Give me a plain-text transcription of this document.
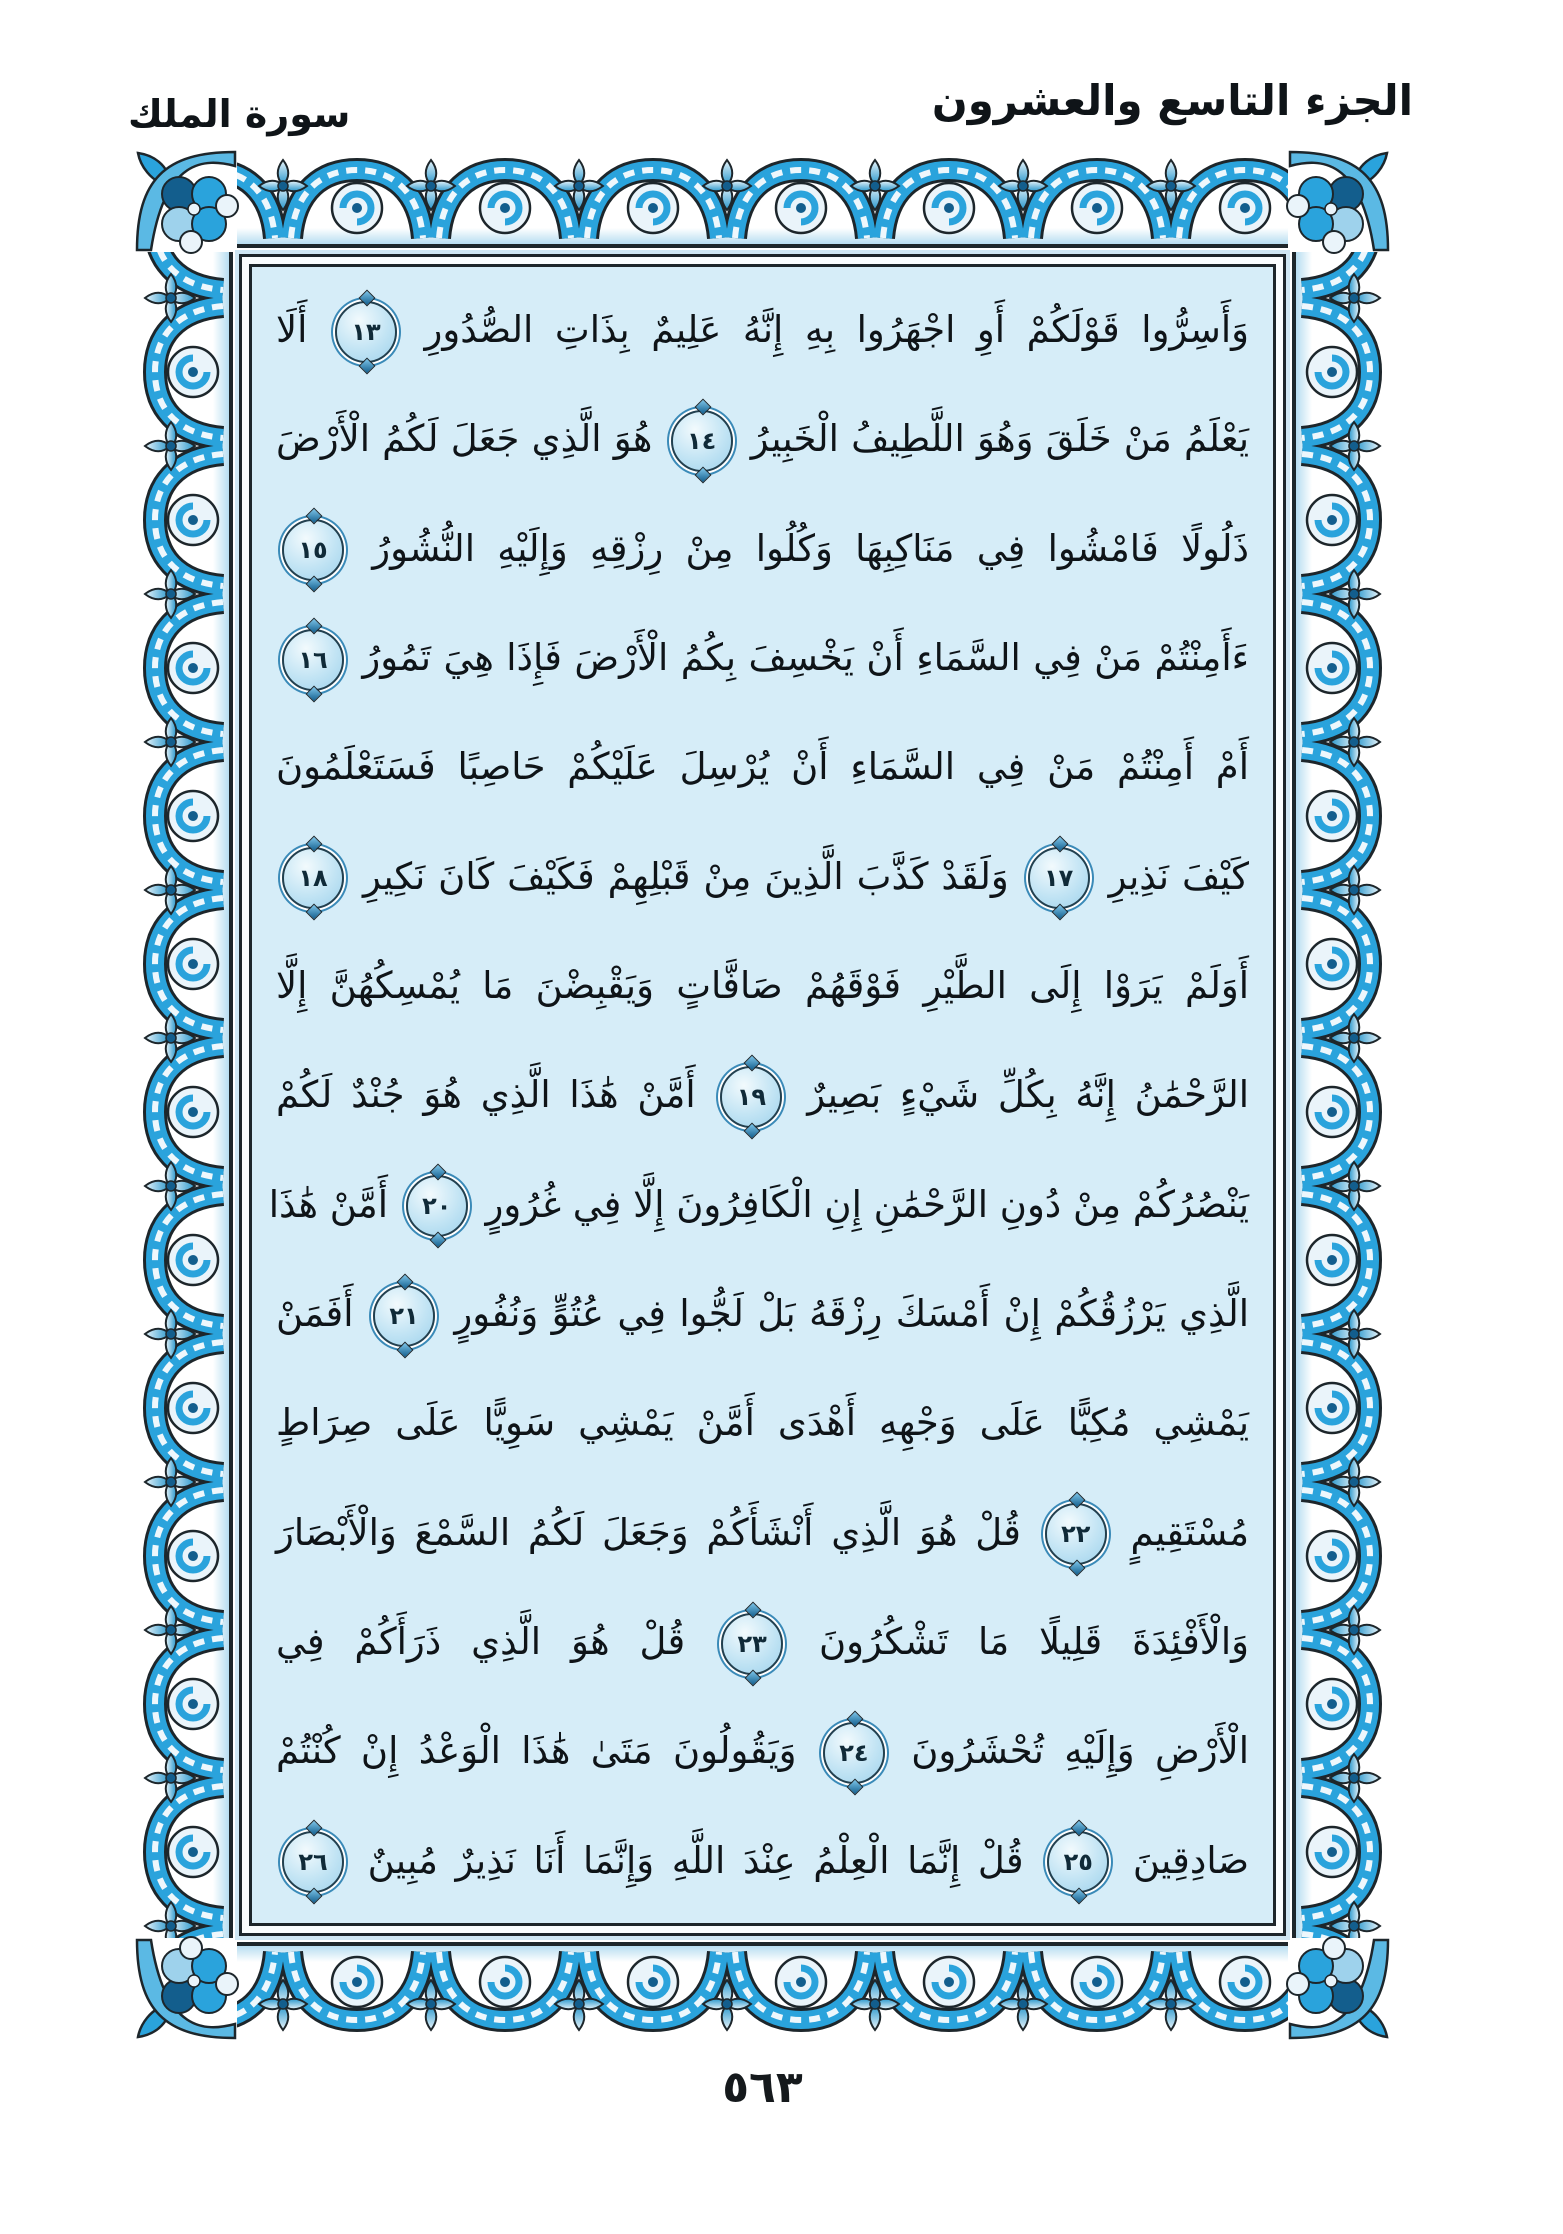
الجزء التاسع والعشرون
سورة الملك
وَأَسِرُّوا قَوْلَكُمْ أَوِ اجْهَرُوا بِهِ إِنَّهُ عَلِيمٌ بِذَاتِ الصُّدُورِ
١٣
أَلَا
يَعْلَمُ مَنْ خَلَقَ وَهُوَ اللَّطِيفُ الْخَبِيرُ
١٤
هُوَ الَّذِي جَعَلَ لَكُمُ الْأَرْضَ
ذَلُولًا فَامْشُوا فِي مَنَاكِبِهَا وَكُلُوا مِنْ رِزْقِهِ وَإِلَيْهِ النُّشُورُ
١٥
ءَأَمِنْتُمْ مَنْ فِي السَّمَاءِ أَنْ يَخْسِفَ بِكُمُ الْأَرْضَ فَإِذَا هِيَ تَمُورُ
١٦
أَمْ أَمِنْتُمْ مَنْ فِي السَّمَاءِ أَنْ يُرْسِلَ عَلَيْكُمْ حَاصِبًا فَسَتَعْلَمُونَ
كَيْفَ نَذِيرِ
١٧
وَلَقَدْ كَذَّبَ الَّذِينَ مِنْ قَبْلِهِمْ فَكَيْفَ كَانَ نَكِيرِ
١٨
أَوَلَمْ يَرَوْا إِلَى الطَّيْرِ فَوْقَهُمْ صَافَّاتٍ وَيَقْبِضْنَ مَا يُمْسِكُهُنَّ إِلَّا
الرَّحْمَٰنُ إِنَّهُ بِكُلِّ شَيْءٍ بَصِيرٌ
١٩
أَمَّنْ هَٰذَا الَّذِي هُوَ جُنْدٌ لَكُمْ
يَنْصُرُكُمْ مِنْ دُونِ الرَّحْمَٰنِ إِنِ الْكَافِرُونَ إِلَّا فِي غُرُورٍ
٢٠
أَمَّنْ هَٰذَا
الَّذِي يَرْزُقُكُمْ إِنْ أَمْسَكَ رِزْقَهُ بَلْ لَجُّوا فِي عُتُوٍّ وَنُفُورٍ
٢١
أَفَمَنْ
يَمْشِي مُكِبًّا عَلَى وَجْهِهِ أَهْدَى أَمَّنْ يَمْشِي سَوِيًّا عَلَى صِرَاطٍ
مُسْتَقِيمٍ
٢٢
قُلْ هُوَ الَّذِي أَنْشَأَكُمْ وَجَعَلَ لَكُمُ السَّمْعَ وَالْأَبْصَارَ
وَالْأَفْئِدَةَ قَلِيلًا مَا تَشْكُرُونَ
٢٣
قُلْ هُوَ الَّذِي ذَرَأَكُمْ فِي
الْأَرْضِ وَإِلَيْهِ تُحْشَرُونَ
٢٤
وَيَقُولُونَ مَتَىٰ هَٰذَا الْوَعْدُ إِنْ كُنْتُمْ
صَادِقِينَ
٢٥
قُلْ إِنَّمَا الْعِلْمُ عِنْدَ اللَّهِ وَإِنَّمَا أَنَا نَذِيرٌ مُبِينٌ
٢٦
٥٦٣
